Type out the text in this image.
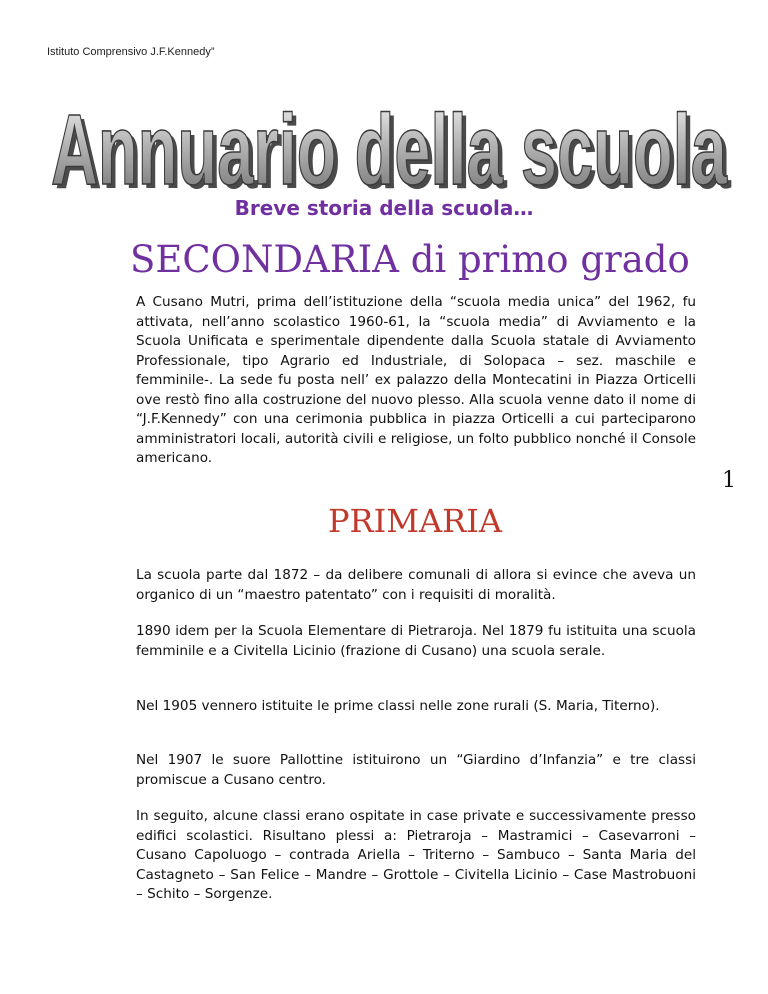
Istituto Comprensivo J.F.Kennedy”
Annuario della scuola
Annuario della scuola
Breve storia della scuola…
SECONDARIA di primo grado
A Cusano Mutri, prima dell’istituzione della “scuola media unica” del 1962, fu attivata, nell’anno scolastico 1960-61, la “scuola media” di Avviamento e la Scuola Unificata e sperimentale dipendente dalla Scuola statale di Avviamento Professionale, tipo Agrario ed Industriale, di Solopaca – sez. maschile e femminile-. La sede fu posta nell’ ex palazzo della Montecatini in Piazza Orticelli ove restò fino alla costruzione del nuovo plesso. Alla scuola venne dato il nome di “J.F.Kennedy” con una cerimonia pubblica in piazza Orticelli a cui parteciparono amministratori locali, autorità civili e religiose, un folto pubblico nonché il Console americano.
1
PRIMARIA
La scuola parte dal 1872 – da delibere comunali di allora si evince che aveva un organico di un “maestro patentato” con i requisiti di moralità.
1890 idem per la Scuola Elementare di Pietraroja. Nel 1879 fu istituita una scuola femminile e a Civitella Licinio (frazione di Cusano) una scuola serale.
Nel 1905 vennero istituite le prime classi nelle zone rurali (S. Maria, Titerno).
Nel 1907 le suore Pallottine istituirono un “Giardino d’Infanzia” e tre classi promiscue a Cusano centro.
In seguito, alcune classi erano ospitate in case private e successivamente presso edifici scolastici. Risultano plessi a: Pietraroja – Mastramici – Casevarroni – Cusano Capoluogo – contrada Ariella – Triterno – Sambuco – Santa Maria del Castagneto – San Felice – Mandre – Grottole – Civitella Licinio – Case Mastrobuoni – Schito – Sorgenze.
